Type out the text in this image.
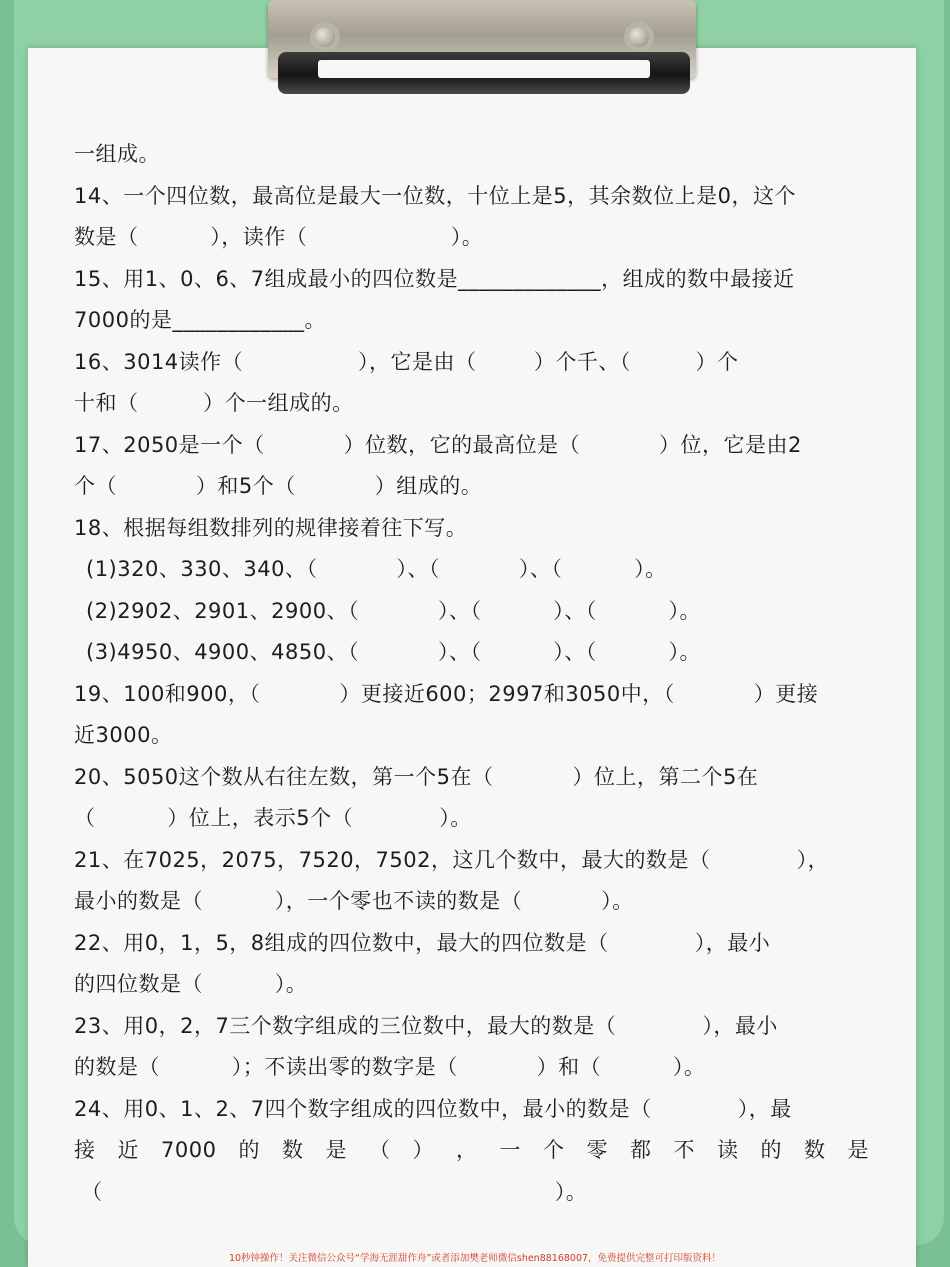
一组成。
14、一个四位数，最高位是最大一位数，十位上是5，其余数位上是0，这个
数是（          ），读作（                    ）。
15、用1、0、6、7组成最小的四位数是_____________，组成的数中最接近
7000的是____________。
16、3014读作（                ），它是由（        ）个千、（         ）个
十和（         ）个一组成的。
17、2050是一个（           ）位数，它的最高位是（           ）位，它是由2
个（           ）和5个（           ）组成的。
18、根据每组数排列的规律接着往下写。
(1)320、330、340、（           ）、（           ）、（          ）。
(2)2902、2901、2900、（           ）、（          ）、（          ）。
(3)4950、4900、4850、（           ）、（          ）、（          ）。
19、100和900，（           ）更接近600；2997和3050中，（           ）更接
近3000。
20、5050这个数从右往左数，第一个5在（           ）位上，第二个5在
（          ）位上，表示5个（            ）。
21、在7025，2075，7520，7502，这几个数中，最大的数是（            ），
最小的数是（          ），一个零也不读的数是（           ）。
22、用0，1，5，8组成的四位数中，最大的四位数是（            ），最小
的四位数是（          ）。
23、用0，2，7三个数字组成的三位数中，最大的数是（            ），最小
的数是（          ）；不读出零的数字是（           ）和（          ）。
24、用0、1、2、7四个数字组成的四位数中，最小的数是（            ），最
接 近 7000 的 数 是 （ ） ， 一 个 零 都 不 读 的 数 是
（                                                               ）。
10秒钟操作！关注微信公众号“学海无涯甜作舟”或者添加樊老师微信shen88168007，免费提供完整可打印版资料！
